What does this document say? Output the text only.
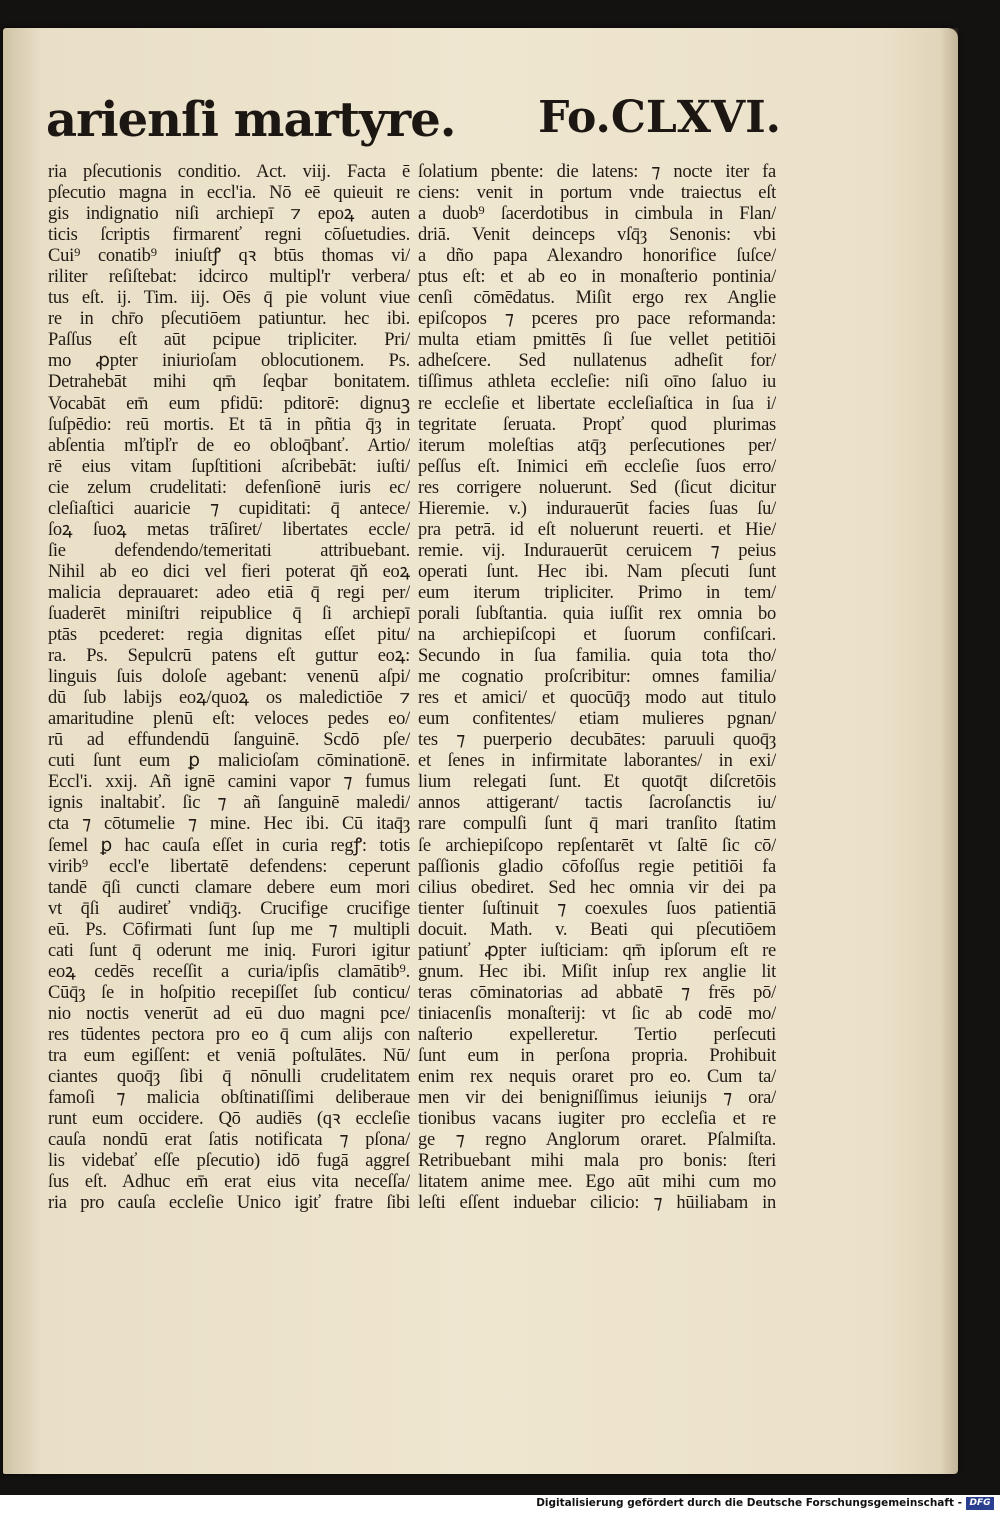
arienſi martyre. Fo.CLXVI.
ria pſecutionis conditio. Act. viij. Facta ē
pſecutio magna in eccl'ia. Nō eē quieuit re
gis indignatio niſi archiepī ⁊ epoꝝ auten
ticis ſcriptis firmarenť regni cōſuetudies.
Cui⁹ conatib⁹ iniuſtꝭ qꝛ btūs thomas vi/
riliter reſiſtebat: idcirco multipl'r verbera/
tus eſt. ij. Tim. iij. Oēs q̄ pie volunt viue
re in chr̄o pſecutiōem patiuntur. hec ibi.
Paſſus eſt aūt pcipue tripliciter. Pri/
mo ꝓpter iniurioſam oblocutionem. Ps.
Detrahebāt mihi qm̄ ſeqbar bonitatem.
Vocabāt em̄ eum pfidū: pditorē: dignuꝫ
ſuſpēdio: reū mortis. Et tā in pñtia q̄ȝ in
abſentia mľtipľr de eo obloq̄banť. Artio/
rē eius vitam ſupſtitioni aſcribebāt: iuſti/
cie zelum crudelitati: defenſionē iuris ec/
cleſiaſtici auaricie ⁊ cupiditati: q̄ antece/
ſoꝝ ſuoꝝ metas trāſiret/ libertates eccle/
ſie defendendo/temeritati attribuebant.
Nihil ab eo dici vel fieri poterat q̄ň eoꝝ
malicia deprauaret: adeo etiā q̄ regi per/
ſuaderēt miniſtri reipublice q̄ ſi archiepī
ptās pcederet: regia dignitas eſſet pitu/
ra. Ps. Sepulcrū patens eſt guttur eoꝝ:
linguis ſuis doloſe agebant: venenū aſpi/
dū ſub labijs eoꝝ/quoꝝ os maledictiōe ⁊
amaritudine plenū eſt: veloces pedes eo/
rū ad effundendū ſanguinē. Scdō pſe/
cuti ſunt eum ꝑ malicioſam cōminationē.
Eccl'i. xxij. Añ ignē camini vapor ⁊ fumus
ignis inaltabiť. ſic ⁊ añ ſanguinē maledi/
cta ⁊ cōtumelie ⁊ mine. Hec ibi. Cū itaq̄ȝ
ſemel ꝑ hac cauſa eſſet in curia regꝭ: totis
virib⁹ eccl'e libertatē defendens: ceperunt
tandē q̄ſi cuncti clamare debere eum mori
vt q̄ſi audireť vndiq̄ȝ. Crucifige crucifige
eū. Ps. Cōfirmati ſunt ſup me ⁊ multipli
cati ſunt q̄ oderunt me iniq. Furori igitur
eoꝝ cedēs receſſit a curia/ipſis clamātib⁹.
Cūq̄ȝ ſe in hoſpitio recepiſſet ſub conticu/
nio noctis venerūt ad eū duo magni pce/
res tūdentes pectora pro eo q̄ cum alijs con
tra eum egiſſent: et veniā poſtulātes. Nū/
ciantes quoq̄ȝ ſibi q̄ nōnulli crudelitatem
famoſi ⁊ malicia obſtinatiſſimi deliberaue
runt eum occidere. Qō audiēs (qꝛ eccleſie
cauſa nondū erat ſatis notificata ⁊ pſona/
lis videbať eſſe pſecutio) idō fugā aggreſ
ſus eſt. Adhuc em̄ erat eius vita neceſſa/
ria pro cauſa eccleſie Unico igiť fratre ſibi
ſolatium pbente: die latens: ⁊ nocte iter fa
ciens: venit in portum vnde traiectus eſt
a duob⁹ ſacerdotibus in cimbula in Flan/
driā. Venit deinceps vſq̄ȝ Senonis: vbi
a dño papa Alexandro honorifice ſuſce/
ptus eſt: et ab eo in monaſterio pontinia/
cenſi cōmēdatus. Miſit ergo rex Anglie
epiſcopos ⁊ pceres pro pace reformanda:
multa etiam pmittēs ſi ſue vellet petitiōi
adheſcere. Sed nullatenus adheſit for/
tiſſimus athleta eccleſie: niſi oīno ſaluo iu
re eccleſie et libertate eccleſiaſtica in ſua i/
tegritate ſeruata. Propť quod plurimas
iterum moleſtias atq̄ȝ perſecutiones per/
peſſus eſt. Inimici em̄ eccleſie ſuos erro/
res corrigere noluerunt. Sed (ſicut dicitur
Hieremie. v.) indurauerūt facies ſuas ſu/
pra petrā. id eſt noluerunt reuerti. et Hie/
remie. vij. Indurauerūt ceruicem ⁊ peius
operati ſunt. Hec ibi. Nam pſecuti ſunt
eum iterum tripliciter. Primo in tem/
porali ſubſtantia. quia iuſſit rex omnia bo
na archiepiſcopi et ſuorum confiſcari.
Secundo in ſua familia. quia tota tho/
me cognatio proſcribitur: omnes familia/
res et amici/ et quocūq̄ȝ modo aut titulo
eum confitentes/ etiam mulieres pgnan/
tes ⁊ puerperio decubātes: paruuli quoq̄ȝ
et ſenes in infirmitate laborantes/ in exi/
lium relegati ſunt. Et quotq̄t diſcretōis
annos attigerant/ tactis ſacroſanctis iu/
rare compulſi ſunt q̄ mari tranſito ſtatim
ſe archiepiſcopo repſentarēt vt ſaltē ſic cō/
paſſionis gladio cōfoſſus regie petitiōi fa
cilius obediret. Sed hec omnia vir dei pa
tienter ſuſtinuit ⁊ coexules ſuos patientiā
docuit. Math. v. Beati qui pſecutiōem
patiunť ꝓpter iuſticiam: qm̄ ipſorum eſt re
gnum. Hec ibi. Miſit inſup rex anglie lit
teras cōminatorias ad abbatē ⁊ frēs pō/
tiniacenſis monaſterij: vt ſic ab codē mo/
naſterio expelleretur. Tertio perſecuti
ſunt eum in perſona propria. Prohibuit
enim rex nequis oraret pro eo. Cum ta/
men vir dei benigniſſimus ieiunijs ⁊ ora/
tionibus vacans iugiter pro eccleſia et re
ge ⁊ regno Anglorum oraret. Pſalmiſta.
Retribuebant mihi mala pro bonis: ſteri
litatem anime mee. Ego aūt mihi cum mo
leſti eſſent induebar cilicio: ⁊ hūiliabam in
Digitalisierung gefördert durch die Deutsche Forschungsgemeinschaft - DFG
